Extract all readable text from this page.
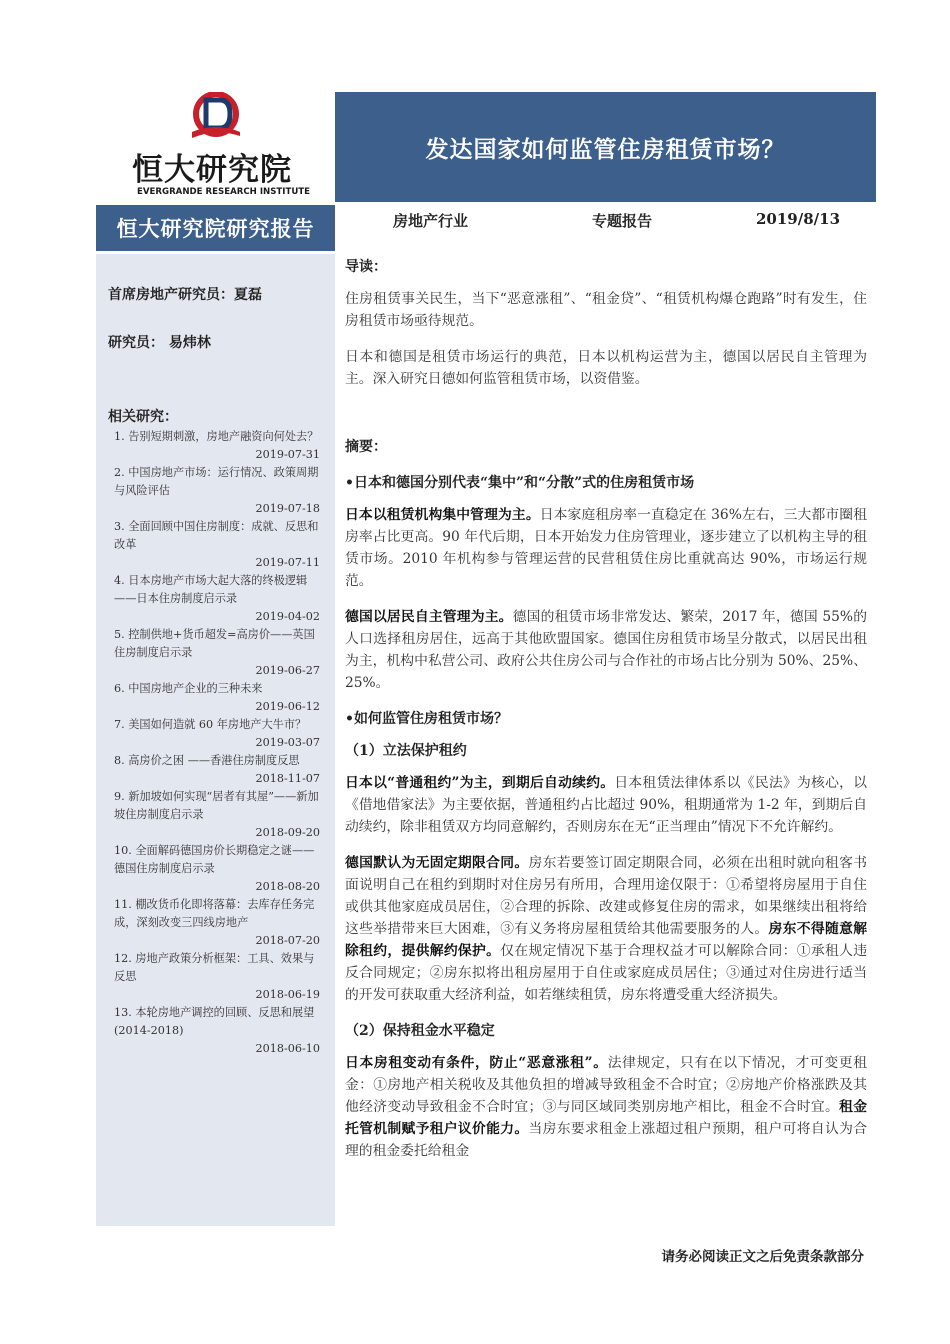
恒大研究院
EVERGRANDE RESEARCH INSTITUTE
发达国家如何监管住房租赁市场？
恒大研究院研究报告	房地产行业	专题报告	2019/8/13
首席房地产研究员：夏磊
研究员： 易炜林
相关研究：
1. 告别短期刺激，房地产融资向何处去？
2019-07-31
2. 中国房地产市场：运行情况、政策周期与风险评估
2019-07-18
3. 全面回顾中国住房制度：成就、反思和改革
2019-07-11
4. 日本房地产市场大起大落的终极逻辑——日本住房制度启示录
2019-04-02
5. 控制供地+货币超发=高房价——英国住房制度启示录
2019-06-27
6. 中国房地产企业的三种未来
2019-06-12
7. 美国如何造就 60 年房地产大牛市？
2019-03-07
8. 高房价之困 ——香港住房制度反思
2018-11-07
9. 新加坡如何实现“居者有其屋”——新加坡住房制度启示录
2018-09-20
10. 全面解码德国房价长期稳定之谜——德国住房制度启示录
2018-08-20
11. 棚改货币化即将落幕：去库存任务完成，深刻改变三四线房地产
2018-07-20
12. 房地产政策分析框架：工具、效果与反思
2018-06-19
13. 本轮房地产调控的回顾、反思和展望(2014-2018)
2018-06-10

导读：

住房租赁事关民生，当下“恶意涨租”、“租金贷”、“租赁机构爆仓跑路”时有发生，住房租赁市场亟待规范。

日本和德国是租赁市场运行的典范，日本以机构运营为主，德国以居民自主管理为主。深入研究日德如何监管租赁市场，以资借鉴。

摘要：

•日本和德国分别代表“集中”和“分散”式的住房租赁市场

日本以租赁机构集中管理为主。日本家庭租房率一直稳定在 36%左右，三大都市圈租房率占比更高。90 年代后期，日本开始发力住房管理业，逐步建立了以机构主导的租赁市场。2010 年机构参与管理运营的民营租赁住房比重就高达 90%，市场运行规范。

德国以居民自主管理为主。德国的租赁市场非常发达、繁荣，2017 年，德国 55%的人口选择租房居住，远高于其他欧盟国家。德国住房租赁市场呈分散式，以居民出租为主，机构中私营公司、政府公共住房公司与合作社的市场占比分别为 50%、25%、25%。

•如何监管住房租赁市场？

（1）立法保护租约

日本以“普通租约”为主，到期后自动续约。日本租赁法律体系以《民法》为核心，以《借地借家法》为主要依据，普通租约占比超过 90%，租期通常为 1-2 年，到期后自动续约，除非租赁双方均同意解约，否则房东在无“正当理由”情况下不允许解约。

德国默认为无固定期限合同。房东若要签订固定期限合同，必须在出租时就向租客书面说明自己在租约到期时对住房另有所用，合理用途仅限于：①希望将房屋用于自住或供其他家庭成员居住，②合理的拆除、改建或修复住房的需求，如果继续出租将给这些举措带来巨大困难，③有义务将房屋租赁给其他需要服务的人。房东不得随意解除租约，提供解约保护。仅在规定情况下基于合理权益才可以解除合同：①承租人违反合同规定；②房东拟将出租房屋用于自住或家庭成员居住；③通过对住房进行适当的开发可获取重大经济利益，如若继续租赁，房东将遭受重大经济损失。

（2）保持租金水平稳定

日本房租变动有条件，防止“恶意涨租”。法律规定，只有在以下情况，才可变更租金：①房地产相关税收及其他负担的增减导致租金不合时宜；②房地产价格涨跌及其他经济变动导致租金不合时宜；③与同区域同类别房地产相比，租金不合时宜。租金托管机制赋予租户议价能力。当房东要求租金上涨超过租户预期，租户可将自认为合理的租金委托给租金

请务必阅读正文之后免责条款部分
